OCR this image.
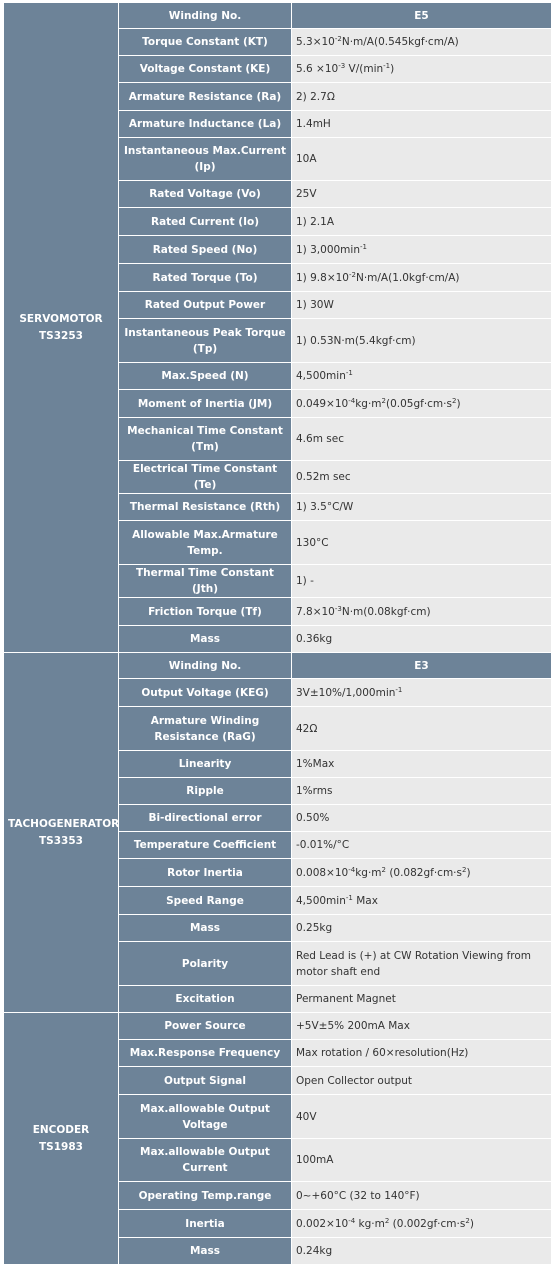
SERVOMOTOR
TS3253	Winding No.	E5
	Torque Constant (KT)	$5.3\times 10^{-2}N\cdot m/A(0.545kgf\cdot cm/A)$
	Voltage Constant (KE)	$5.6 \times 10^{-3}$ $V/(\min^{-1})$
	Armature Resistance (Ra)	2) 2.7Ω
	Armature Inductance (La)	1.4mH
	Instantaneous Max.Current (Ip)	10A
	Rated Voltage (Vo)	25V
	Rated Current (Io)	1) 2.1A
	Rated Speed (No)	1) $3,000\min^{-1}$
	Rated Torque (To)	1) $9.8\times 10^{-2}N\cdot m/A(1.0kgf\cdot cm/A)$
	Rated Output Power	1) 30W
	Instantaneous Peak Torque (Tp)	1) 0.53N·m(5.4kgf·cm)
	Max.Speed (N)	$4,500\min^{-1}$
	Moment of Inertia (JM)	$0.049\times 10^{-4}kg\cdot m^2(0.05gf\cdot cm\cdot s^2)$
	Mechanical Time Constant (Tm)	4.6m sec
	Electrical Time Constant (Te)	0.52m sec
	Thermal Resistance (Rth)	1) 3.5°C/W
	Allowable Max.Armature Temp.	130°C
	Thermal Time Constant (Jth)	1) -
	Friction Torque (Tf)	$7.8\times 10^{-3}N\cdot m(0.08kgf\cdot cm)$
	Mass	0.36kg
TACHOGENERATOR
TS3353	Winding No.	E3
	Output Voltage (KEG)	$3V\pm 10\%/1,000\min^{-1}$
	Armature Winding Resistance (RaG)	42Ω
	Linearity	1%Max
	Ripple	1%rms
	Bi-directional error	0.50%
	Temperature Coefficient	-0.01%/°C
	Rotor Inertia	$0.008\times 10^{-4}kg\cdot m^2$ $(0.082gf\cdot cm\cdot s^2)$
	Speed Range	$4,500\min^{-1}$ Max
	Mass	0.25kg
	Polarity	Red Lead is (+) at CW Rotation Viewing from motor shaft end
	Excitation	Permanent Magnet
ENCODER
TS1983	Power Source	+5V±5% 200mA Max
	Max.Response Frequency	Max rotation / 60×resolution(Hz)
	Output Signal	Open Collector output
	Max.allowable Output Voltage	40V
	Max.allowable Output Current	100mA
	Operating Temp.range	0~+60°C (32 to 140°F)
	Inertia	$0.002\times 10^{-4}$ $kg\cdot m^2$ $(0.002gf\cdot cm\cdot s^2)$
	Mass	0.24kg
